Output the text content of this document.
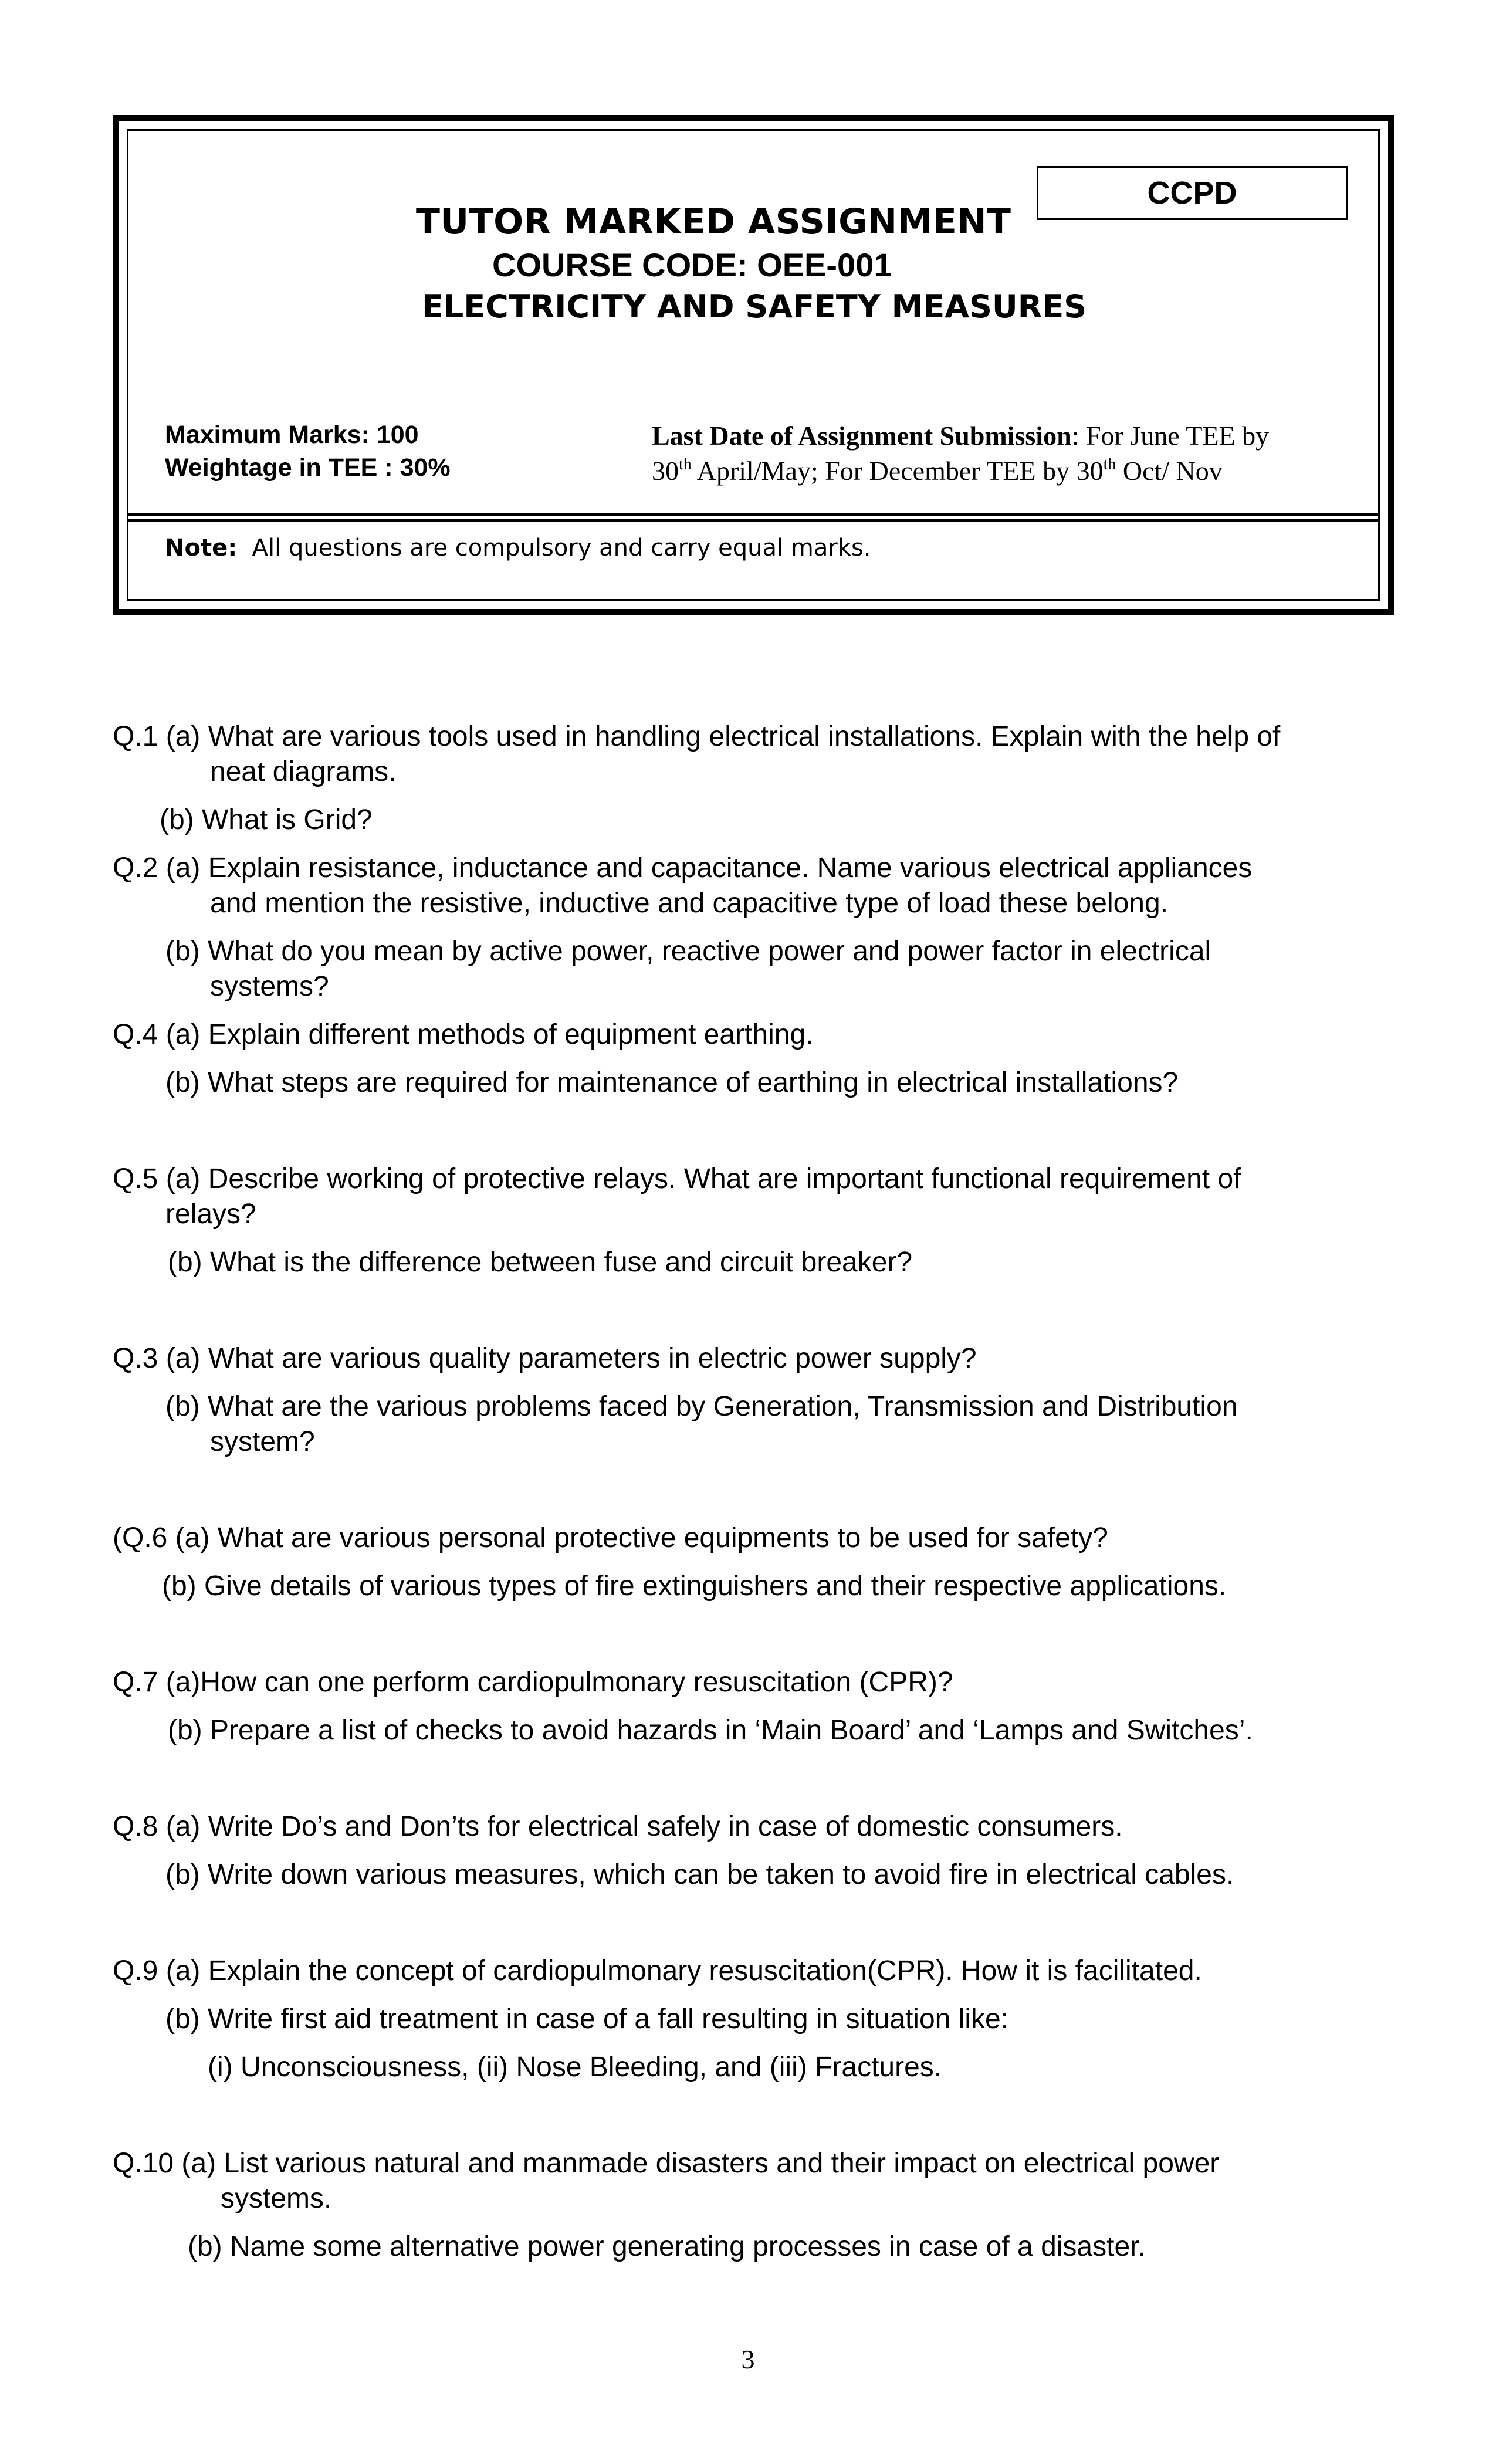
CCPD
TUTOR MARKED ASSIGNMENT
COURSE CODE: OEE-001
ELECTRICITY AND SAFETY MEASURES
Maximum Marks: 100
Weightage in TEE : 30%
Last Date of Assignment Submission: For June TEE by
30th April/May; For December TEE by 30th Oct/ Nov
Note:  All questions are compulsory and carry equal marks.
Q.1 (a) What are various tools used in handling electrical installations. Explain with the help of
neat diagrams.
(b) What is Grid?
Q.2 (a) Explain resistance, inductance and capacitance. Name various electrical appliances
and mention the resistive, inductive and capacitive type of load these belong.
(b) What do you mean by active power, reactive power and power factor in electrical
systems?
Q.4 (a) Explain different methods of equipment earthing.
(b) What steps are required for maintenance of earthing in electrical installations?
Q.5 (a) Describe working of protective relays. What are important functional requirement of
relays?
(b) What is the difference between fuse and circuit breaker?
Q.3 (a) What are various quality parameters in electric power supply?
(b) What are the various problems faced by Generation, Transmission and Distribution
system?
(Q.6 (a) What are various personal protective equipments to be used for safety?
(b) Give details of various types of fire extinguishers and their respective applications.
Q.7 (a)How can one perform cardiopulmonary resuscitation (CPR)?
(b) Prepare a list of checks to avoid hazards in ‘Main Board’ and ‘Lamps and Switches’.
Q.8 (a) Write Do’s and Don’ts for electrical safely in case of domestic consumers.
(b) Write down various measures, which can be taken to avoid fire in electrical cables.
Q.9 (a) Explain the concept of cardiopulmonary resuscitation(CPR). How it is facilitated.
(b) Write first aid treatment in case of a fall resulting in situation like:
(i) Unconsciousness, (ii) Nose Bleeding, and (iii) Fractures.
Q.10 (a) List various natural and manmade disasters and their impact on electrical power
systems.
(b) Name some alternative power generating processes in case of a disaster.
3
